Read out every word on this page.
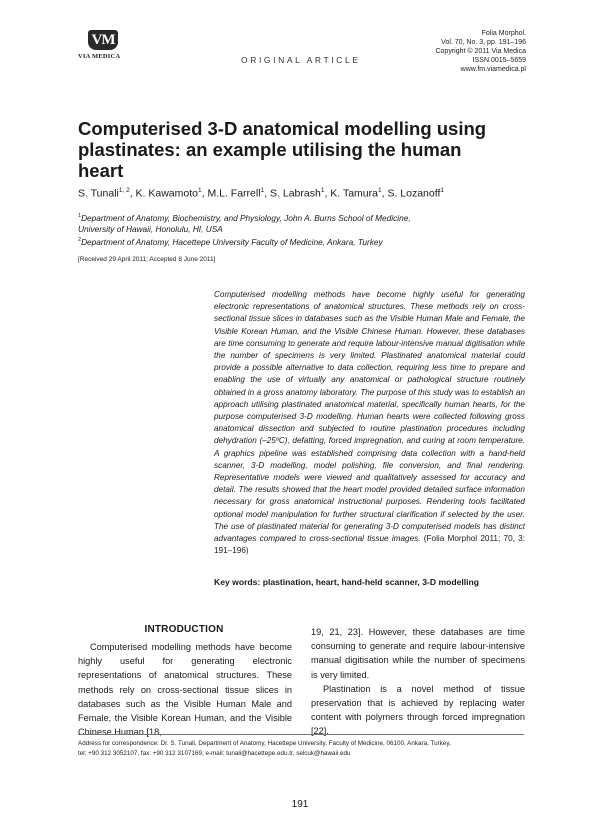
VM
VIA MEDICA	ORIGINAL ARTICLE
Folia Morphol.
Vol. 70, No. 3, pp. 191–196
Copyright © 2011 Via Medica
ISSN 0015–5659
www.fm.viamedica.pl
Computerised 3-D anatomical modelling using plastinates: an example utilising the human heart
S. Tunali$^{1, 2}$, K. Kawamoto$^1$, M.L. Farrell$^1$, S. Labrash$^1$, K. Tamura$^1$, S. Lozanoff$^1$
$^1$Department of Anatomy, Biochemistry, and Physiology, John A. Burns School of Medicine,
University of Hawaii, Honolulu, HI, USA
$^2$Department of Anatomy, Hacettepe University Faculty of Medicine, Ankara, Turkey
[Received 29 April 2011; Accepted 8 June 2011]
Computerised modelling methods have become highly useful for generating electronic representations of anatomical structures. These methods rely on cross-sectional tissue slices in databases such as the Visible Human Male and Female, the Visible Korean Human, and the Visible Chinese Human. However, these databases are time consuming to generate and require labour-intensive manual digitisation while the number of specimens is very limited. Plastinated anatomical material could provide a possible alternative to data collection, requiring less time to prepare and enabling the use of virtually any anatomical or pathological structure routinely obtained in a gross anatomy laboratory. The purpose of this study was to establish an approach utilising plastinated anatomical material, specifically human hearts, for the purpose computerised 3-D modelling. Human hearts were collected following gross anatomical dissection and subjected to routine plastination procedures including dehydration (–25ºC), defatting, forced impregnation, and curing at room temperature. A graphics pipeline was established comprising data collection with a hand-held scanner, 3-D modelling, model polishing, file conversion, and final rendering. Representative models were viewed and qualitatively assessed for accuracy and detail. The results showed that the heart model provided detailed surface information necessary for gross anatomical instructional purposes. Rendering tools facilitated optional model manipulation for further structural clarification if selected by the user. The use of plastinated material for generating 3-D computerised models has distinct advantages compared to cross-sectional tissue images. (Folia Morphol 2011; 70, 3: 191–196)
Key words: plastination, heart, hand-held scanner, 3-D modelling
INTRODUCTION

Computerised modelling methods have become highly useful for generating electronic representations of anatomical structures. These methods rely on cross-sectional tissue slices in databases such as the Visible Human Male and Female, the Visible Korean Human, and the Visible Chinese Human [18,

19, 21, 23]. However, these databases are time consuming to generate and require labour-intensive manual digitisation while the number of specimens is very limited.

Plastination is a novel method of tissue preservation that is achieved by replacing water content with polymers through forced impregnation [22].

Address for correspondence: Dr. S. Tunali, Department of Anatomy, Hacettepe University, Faculty of Medicine, 06100, Ankara, Turkey,
tel: +90 312 3052107, fax: +90 312 3107169, e-mail: tunali@hacettepe.edu.tr, selcuk@hawaii.edu
191
